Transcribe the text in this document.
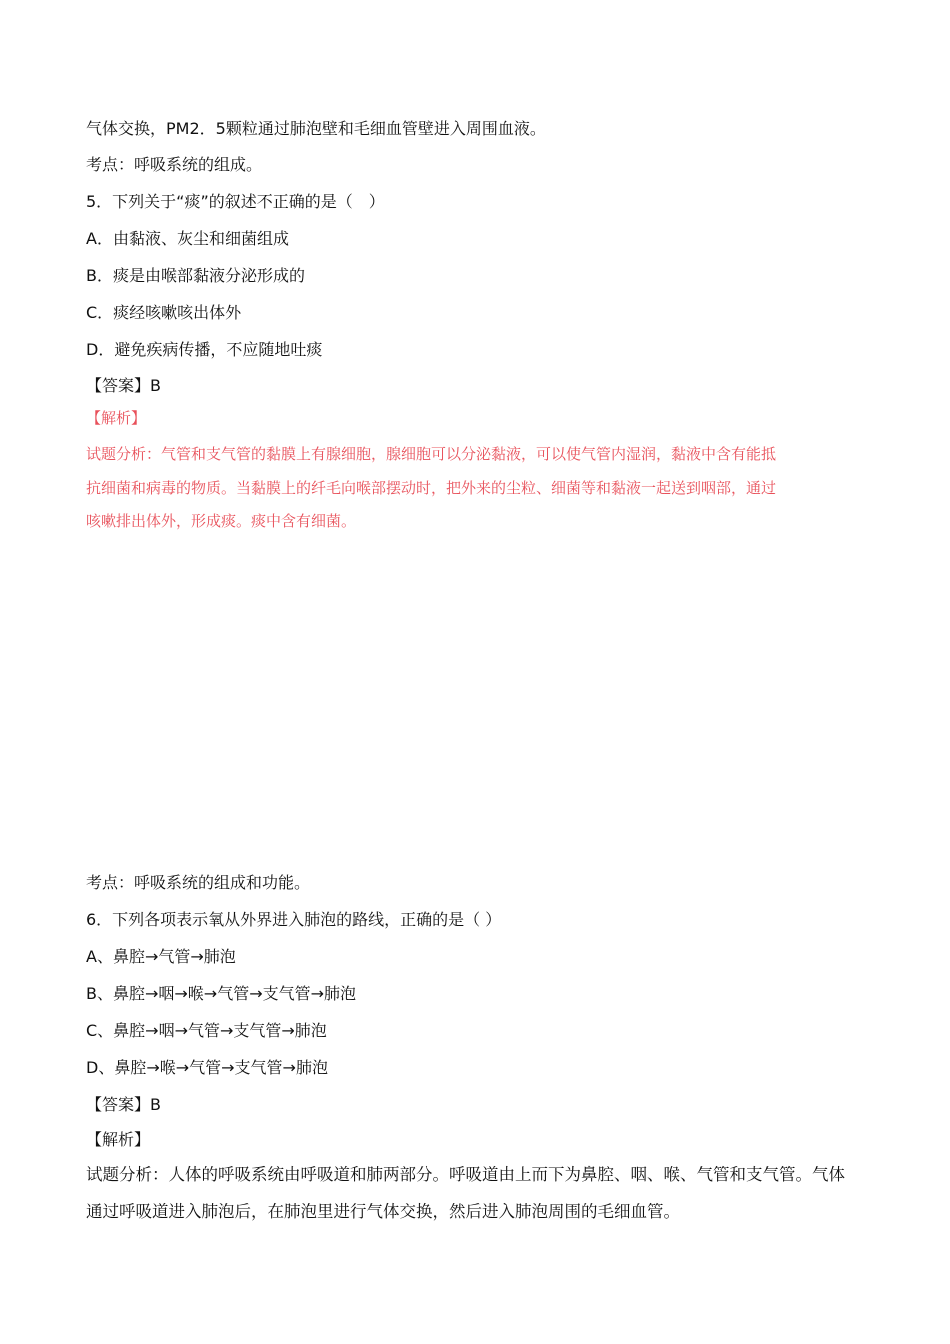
气体交换，PM2．5颗粒通过肺泡壁和毛细血管壁进入周围血液。
考点：呼吸系统的组成。
5．下列关于“痰”的叙述不正确的是（　）
A．由黏液、灰尘和细菌组成
B．痰是由喉部黏液分泌形成的
C．痰经咳嗽咳出体外
D．避免疾病传播，不应随地吐痰
【答案】B
【解析】
试题分析：气管和支气管的黏膜上有腺细胞，腺细胞可以分泌黏液，可以使气管内湿润，黏液中含有能抵
抗细菌和病毒的物质。当黏膜上的纤毛向喉部摆动时，把外来的尘粒、细菌等和黏液一起送到咽部，通过
咳嗽排出体外，形成痰。痰中含有细菌。
考点：呼吸系统的组成和功能。
6．下列各项表示氧从外界进入肺泡的路线，正确的是（ ）
A、鼻腔→气管→肺泡
B、鼻腔→咽→喉→气管→支气管→肺泡
C、鼻腔→咽→气管→支气管→肺泡
D、鼻腔→喉→气管→支气管→肺泡
【答案】B
【解析】
试题分析：人体的呼吸系统由呼吸道和肺两部分。呼吸道由上而下为鼻腔、咽、喉、气管和支气管。气体
通过呼吸道进入肺泡后，在肺泡里进行气体交换，然后进入肺泡周围的毛细血管。
